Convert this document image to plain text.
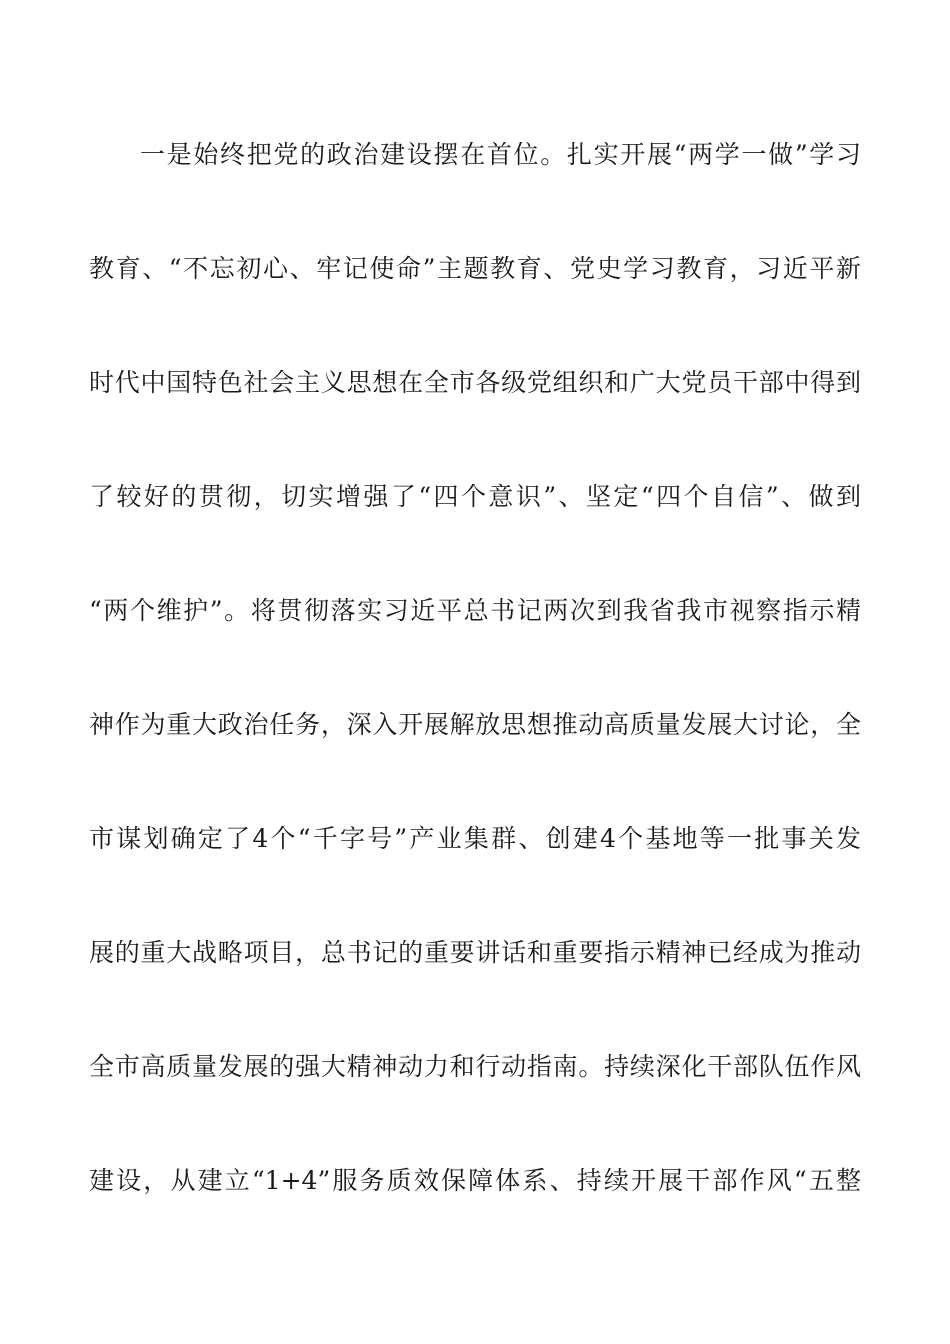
一是始终把党的政治建设摆在首位。扎实开展“两学一做”学习
教育、“不忘初心、牢记使命”主题教育、党史学习教育，习近平新
时代中国特色社会主义思想在全市各级党组织和广大党员干部中得到
了较好的贯彻，切实增强了“四个意识”、坚定“四个自信”、做到
“两个维护”。将贯彻落实习近平总书记两次到我省我市视察指示精
神作为重大政治任务，深入开展解放思想推动高质量发展大讨论，全
市谋划确定了4个“千字号”产业集群、创建4个基地等一批事关发
展的重大战略项目，总书记的重要讲话和重要指示精神已经成为推动
全市高质量发展的强大精神动力和行动指南。持续深化干部队伍作风
建设，从建立“1+4”服务质效保障体系、持续开展干部作风“五整
